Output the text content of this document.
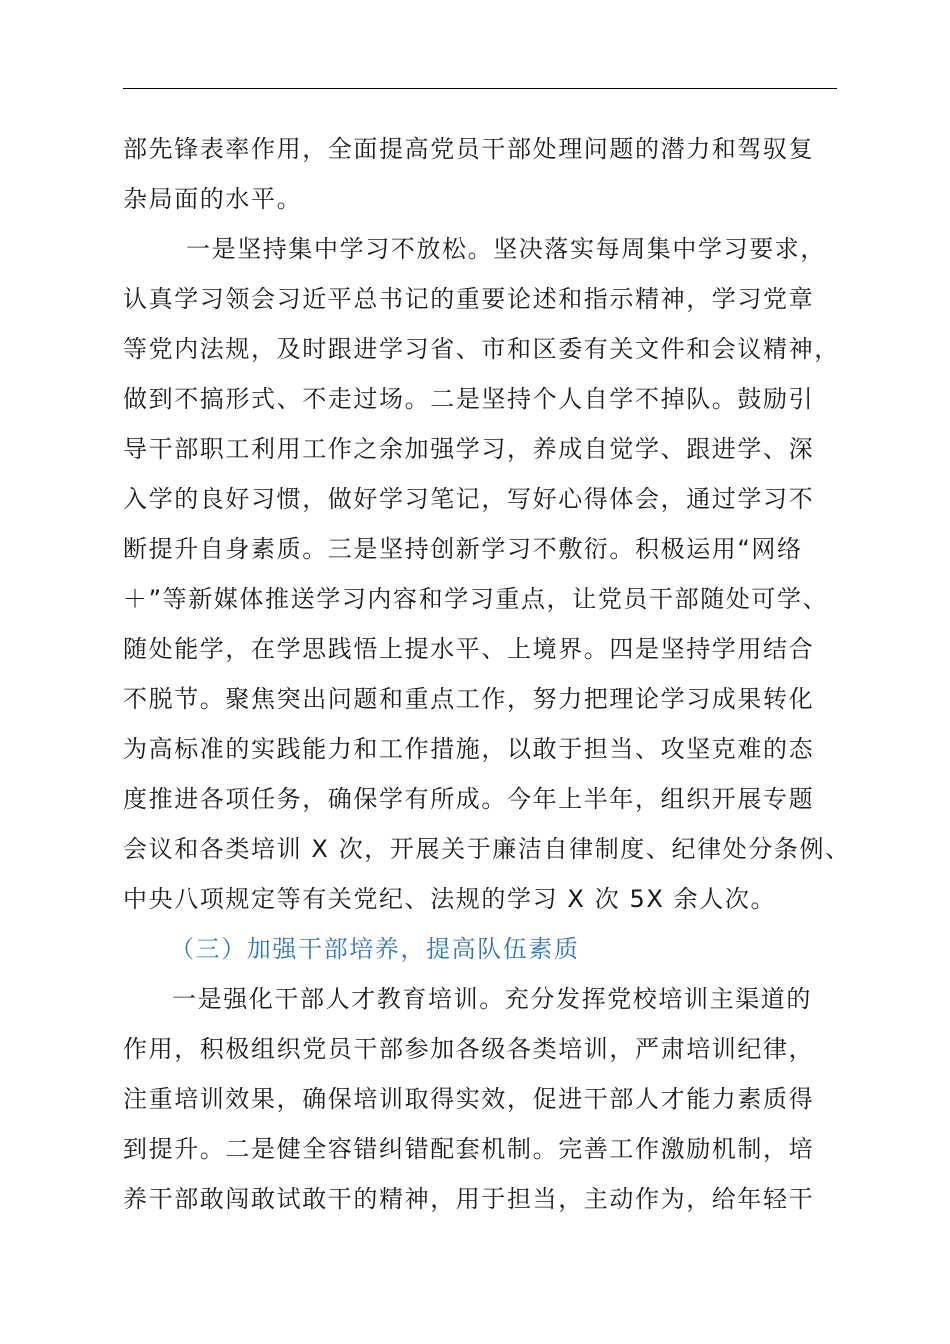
部先锋表率作用，全面提高党员干部处理问题的潜力和驾驭复
杂局面的水平。
一是坚持集中学习不放松。坚决落实每周集中学习要求，
认真学习领会习近平总书记的重要论述和指示精神，学习党章
等党内法规，及时跟进学习省、市和区委有关文件和会议精神，
做到不搞形式、不走过场。二是坚持个人自学不掉队。鼓励引
导干部职工利用工作之余加强学习，养成自觉学、跟进学、深
入学的良好习惯，做好学习笔记，写好心得体会，通过学习不
断提升自身素质。三是坚持创新学习不敷衍。积极运用“网络
＋”等新媒体推送学习内容和学习重点，让党员干部随处可学、
随处能学，在学思践悟上提水平、上境界。四是坚持学用结合
不脱节。聚焦突出问题和重点工作，努力把理论学习成果转化
为高标准的实践能力和工作措施，以敢于担当、攻坚克难的态
度推进各项任务，确保学有所成。今年上半年，组织开展专题
会议和各类培训 X 次，开展关于廉洁自律制度、纪律处分条例、
中央八项规定等有关党纪、法规的学习 X 次 5X 余人次。
（三）加强干部培养，提高队伍素质
一是强化干部人才教育培训。充分发挥党校培训主渠道的
作用，积极组织党员干部参加各级各类培训，严肃培训纪律，
注重培训效果，确保培训取得实效，促进干部人才能力素质得
到提升。二是健全容错纠错配套机制。完善工作激励机制，培
养干部敢闯敢试敢干的精神，用于担当，主动作为，给年轻干
